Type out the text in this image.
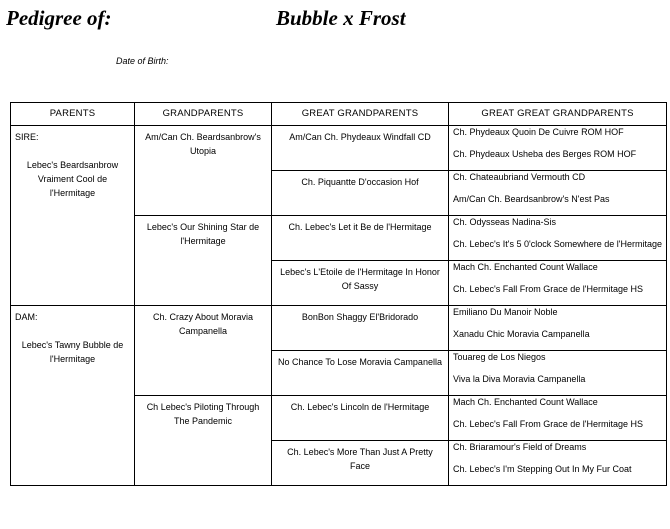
Pedigree of:	Bubble x Frost
Date of Birth:
PARENTS	GRANDPARENTS	GREAT GRANDPARENTS	GREAT GREAT GRANDPARENTS

SIRE:
Lebec's Beardsanbrow Vraiment Cool de l'Hermitage	Am/Can Ch. Beardsanbrow's Utopia	Am/Can Ch. Phydeaux Windfall CD	Ch. Phydeaux Quoin De Cuivre ROM HOF
Ch. Phydeaux Usheba des Berges ROM HOF

		Ch. Piquantte D'occasion Hof	Ch. Chateaubriand Vermouth CD
Am/Can Ch. Beardsanbrow's N'est Pas

	Lebec's Our Shining Star de l'Hermitage	Ch. Lebec's Let it Be de l'Hermitage	Ch. Odysseas Nadina-Sis
Ch. Lebec's It's 5 0'clock Somewhere de l'Hermitage

		Lebec's L'Etoile de l'Hermitage In Honor Of Sassy	Mach Ch. Enchanted Count Wallace
Ch. Lebec's Fall From Grace de l'Hermitage HS

DAM:
Lebec's Tawny Bubble de l'Hermitage	Ch. Crazy About Moravia Campanella	BonBon Shaggy El'Bridorado	Emiliano Du Manoir Noble
Xanadu Chic Moravia Campanella

		No Chance To Lose Moravia Campanella	Touareg de Los Niegos
Viva la Diva Moravia Campanella

	Ch Lebec's Piloting Through The Pandemic	Ch. Lebec's Lincoln de l'Hermitage	Mach Ch. Enchanted Count Wallace
Ch. Lebec's Fall From Grace de l'Hermitage HS

		Ch. Lebec's More Than Just A Pretty Face	Ch. Briaramour's Field of Dreams
Ch. Lebec's I'm Stepping Out In My Fur Coat
